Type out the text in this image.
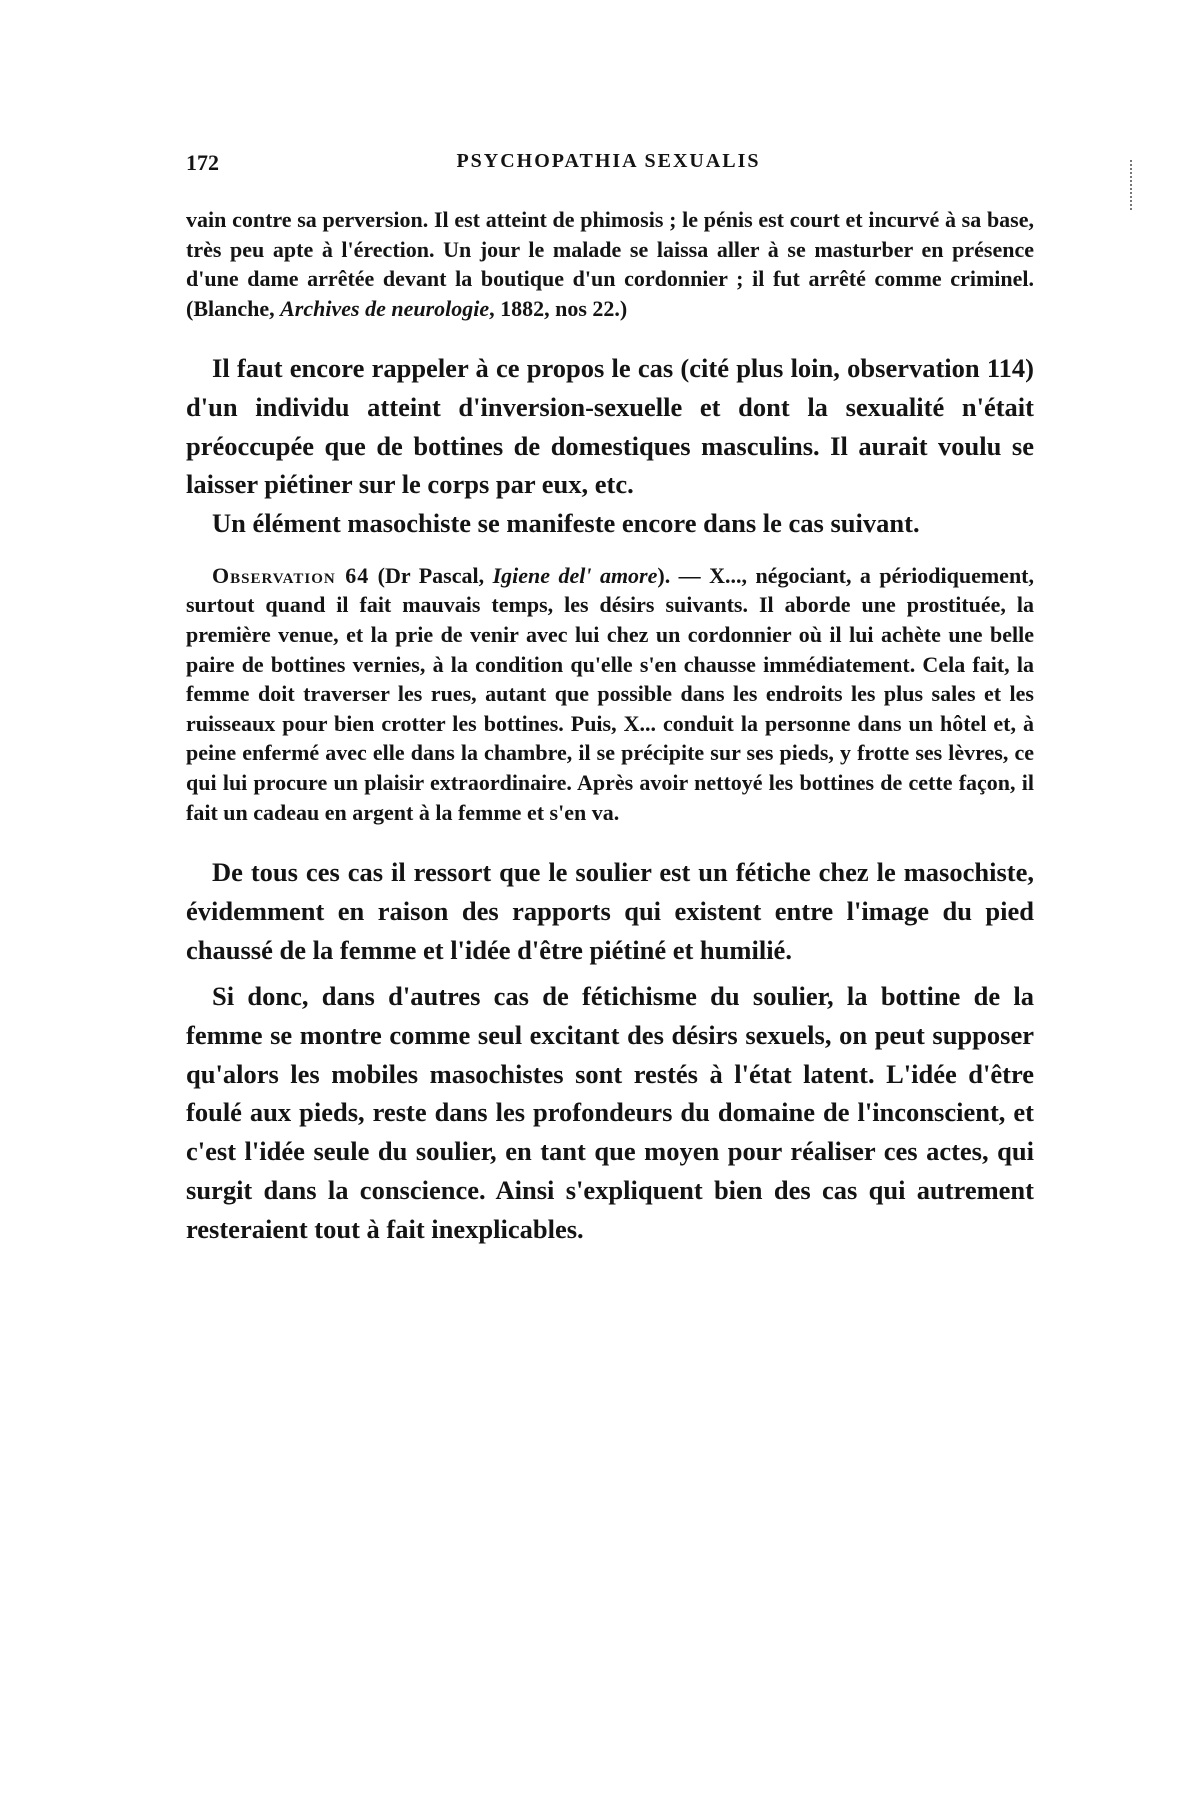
172	PSYCHOPATHIA SEXUALIS

vain contre sa perversion. Il est atteint de phimosis ; le pénis est court et incurvé à sa base, très peu apte à l'érection. Un jour le malade se laissa aller à se masturber en présence d'une dame arrêtée devant la boutique d'un cordonnier ; il fut arrêté comme criminel. (Blanche, Archives de neurologie, 1882, nos 22.)

Il faut encore rappeler à ce propos le cas (cité plus loin, observation 114) d'un individu atteint d'inversion-sexuelle et dont la sexualité n'était préoccupée que de bottines de domestiques masculins. Il aurait voulu se laisser piétiner sur le corps par eux, etc.

Un élément masochiste se manifeste encore dans le cas suivant.

Observation 64 (Dr Pascal, Igiene del' amore). — X..., négociant, a périodiquement, surtout quand il fait mauvais temps, les désirs suivants. Il aborde une prostituée, la première venue, et la prie de venir avec lui chez un cordonnier où il lui achète une belle paire de bottines vernies, à la condition qu'elle s'en chausse immédiatement. Cela fait, la femme doit traverser les rues, autant que possible dans les endroits les plus sales et les ruisseaux pour bien crotter les bottines. Puis, X... conduit la personne dans un hôtel et, à peine enfermé avec elle dans la chambre, il se précipite sur ses pieds, y frotte ses lèvres, ce qui lui procure un plaisir extraordinaire. Après avoir nettoyé les bottines de cette façon, il fait un cadeau en argent à la femme et s'en va.

De tous ces cas il ressort que le soulier est un fétiche chez le masochiste, évidemment en raison des rapports qui existent entre l'image du pied chaussé de la femme et l'idée d'être piétiné et humilié.

Si donc, dans d'autres cas de fétichisme du soulier, la bottine de la femme se montre comme seul excitant des désirs sexuels, on peut supposer qu'alors les mobiles masochistes sont restés à l'état latent. L'idée d'être foulé aux pieds, reste dans les profondeurs du domaine de l'inconscient, et c'est l'idée seule du soulier, en tant que moyen pour réaliser ces actes, qui surgit dans la conscience. Ainsi s'expliquent bien des cas qui autrement resteraient tout à fait inexplicables.
